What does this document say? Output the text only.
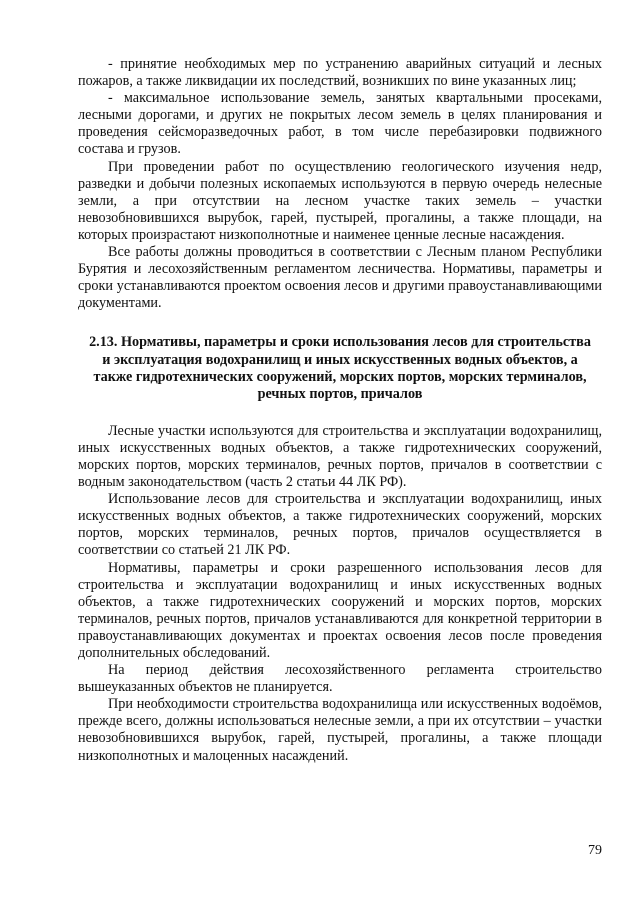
- принятие необходимых мер по устранению аварийных ситуаций и лесных пожаров, а также ликвидации их последствий, возникших по вине указанных лиц;

- максимальное использование земель, занятых квартальными просеками, лесными дорогами, и других не покрытых лесом земель в целях планирования и проведения сейсморазведочных работ, в том числе перебазировки подвижного состава и грузов.

При проведении работ по осуществлению геологического изучения недр, разведки и добычи полезных ископаемых используются в первую очередь нелесные земли, а при отсутствии на лесном участке таких земель – участки невозобновившихся вырубок, гарей, пустырей, прогалины, а также площади, на которых произрастают низкополнотные и наименее ценные лесные насаждения.

Все работы должны проводиться в соответствии с Лесным планом Республики Бурятия и лесохозяйственным регламентом лесничества. Нормативы, параметры и сроки устанавливаются проектом освоения лесов и другими правоустанавливающими документами.

2.13. Нормативы, параметры и сроки использования лесов для строительства и эксплуатация водохранилищ и иных искусственных водных объектов, а также гидротехнических сооружений, морских портов, морских терминалов, речных портов, причалов

Лесные участки используются для строительства и эксплуатации водохранилищ, иных искусственных водных объектов, а также гидротехнических сооружений, морских портов, морских терминалов, речных портов, причалов в соответствии с водным законодательством (часть 2 статьи 44 ЛК РФ).

Использование лесов для строительства и эксплуатации водохранилищ, иных искусственных водных объектов, а также гидротехнических сооружений, морских портов, морских терминалов, речных портов, причалов осуществляется в соответствии со статьей 21 ЛК РФ.

Нормативы, параметры и сроки разрешенного использования лесов для строительства и эксплуатации водохранилищ и иных искусственных водных объектов, а также гидротехнических сооружений и морских портов, морских терминалов, речных портов, причалов устанавливаются для конкретной территории в правоустанавливающих документах и проектах освоения лесов после проведения дополнительных обследований.

На период действия лесохозяйственного регламента строительство вышеуказанных объектов не планируется.

При необходимости строительства водохранилища или искусственных водоёмов, прежде всего, должны использоваться нелесные земли, а при их отсутствии – участки невозобновившихся вырубок, гарей, пустырей, прогалины, а также площади низкополнотных и малоценных насаждений.

79
